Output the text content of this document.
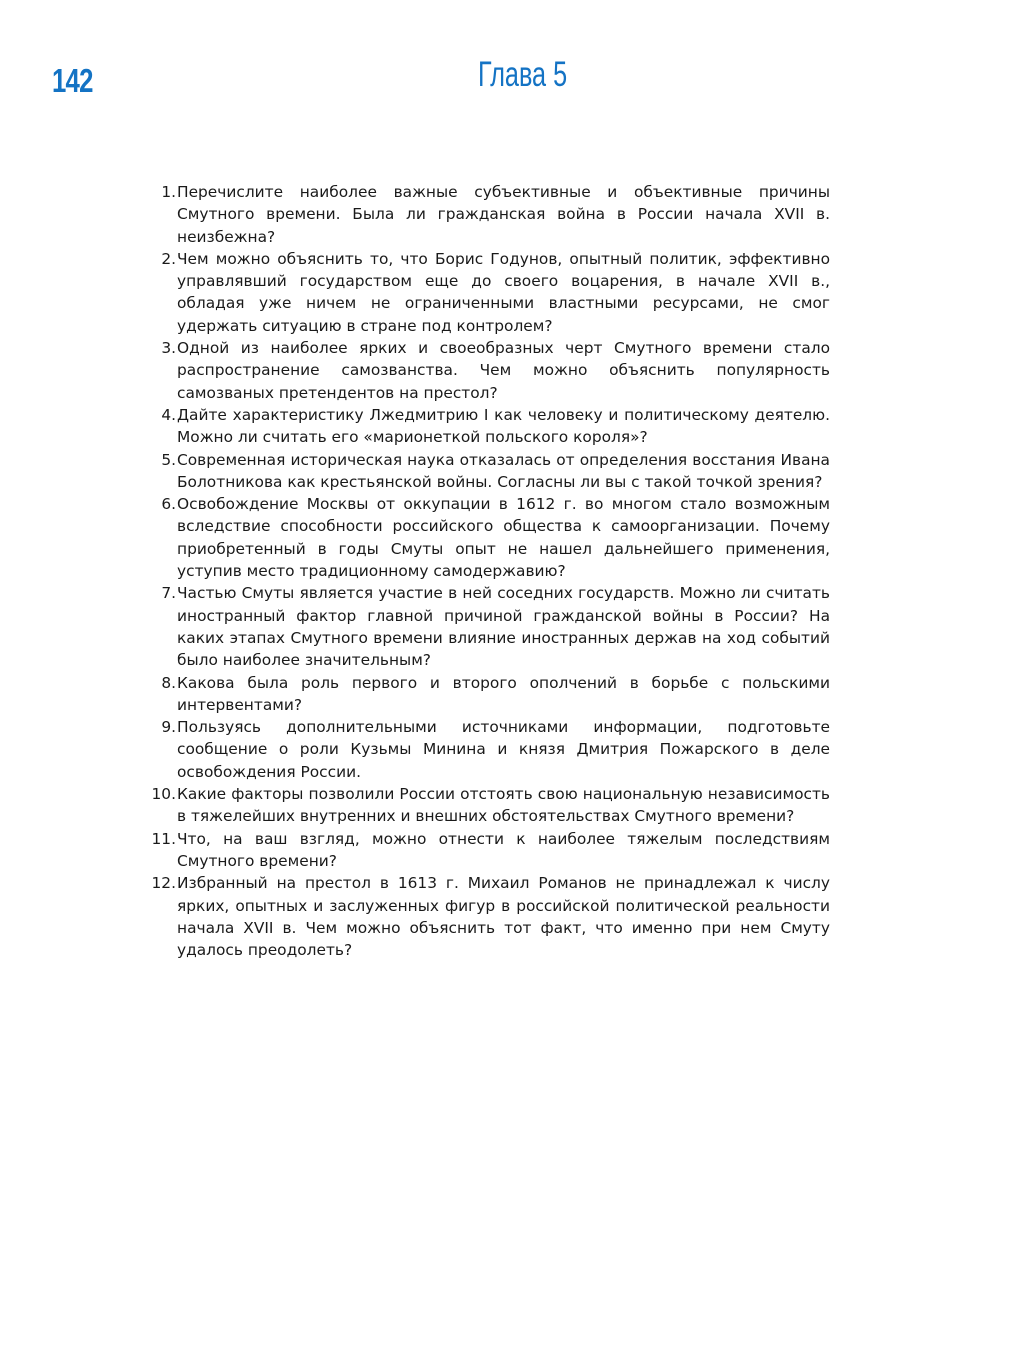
142	Глава 5
1. Перечислите наиболее важные субъективные и объективные причины Смутного времени. Была ли гражданская война в России начала XVII в. неизбежна?
2. Чем можно объяснить то, что Борис Годунов, опытный политик, эффективно управлявший государством еще до своего воцарения, в начале XVII в., обладая уже ничем не ограниченными властными ресурсами, не смог удержать ситуацию в стране под контролем?
3. Одной из наиболее ярких и своеобразных черт Смутного времени стало распространение самозванства. Чем можно объяснить популярность самозваных претендентов на престол?
4. Дайте характеристику Лжедмитрию I как человеку и политическому деятелю. Можно ли считать его «марионеткой польского короля»?
5. Современная историческая наука отказалась от определения восстания Ивана Болотникова как крестьянской войны. Согласны ли вы с такой точкой зрения?
6. Освобождение Москвы от оккупации в 1612 г. во многом стало возможным вследствие способности российского общества к самоорганизации. Почему приобретенный в годы Смуты опыт не нашел дальнейшего применения, уступив место традиционному самодержавию?
7. Частью Смуты является участие в ней соседних государств. Можно ли считать иностранный фактор главной причиной гражданской войны в России? На каких этапах Смутного времени влияние иностранных держав на ход событий было наиболее значительным?
8. Какова была роль первого и второго ополчений в борьбе с польскими интервентами?
9. Пользуясь дополнительными источниками информации, подготовьте сообщение о роли Кузьмы Минина и князя Дмитрия Пожарского в деле освобождения России.
10. Какие факторы позволили России отстоять свою национальную независимость в тяжелейших внутренних и внешних обстоятельствах Смутного времени?
11. Что, на ваш взгляд, можно отнести к наиболее тяжелым последствиям Смутного времени?
12. Избранный на престол в 1613 г. Михаил Романов не принадлежал к числу ярких, опытных и заслуженных фигур в российской политической реальности начала XVII в. Чем можно объяснить тот факт, что именно при нем Смуту удалось преодолеть?
